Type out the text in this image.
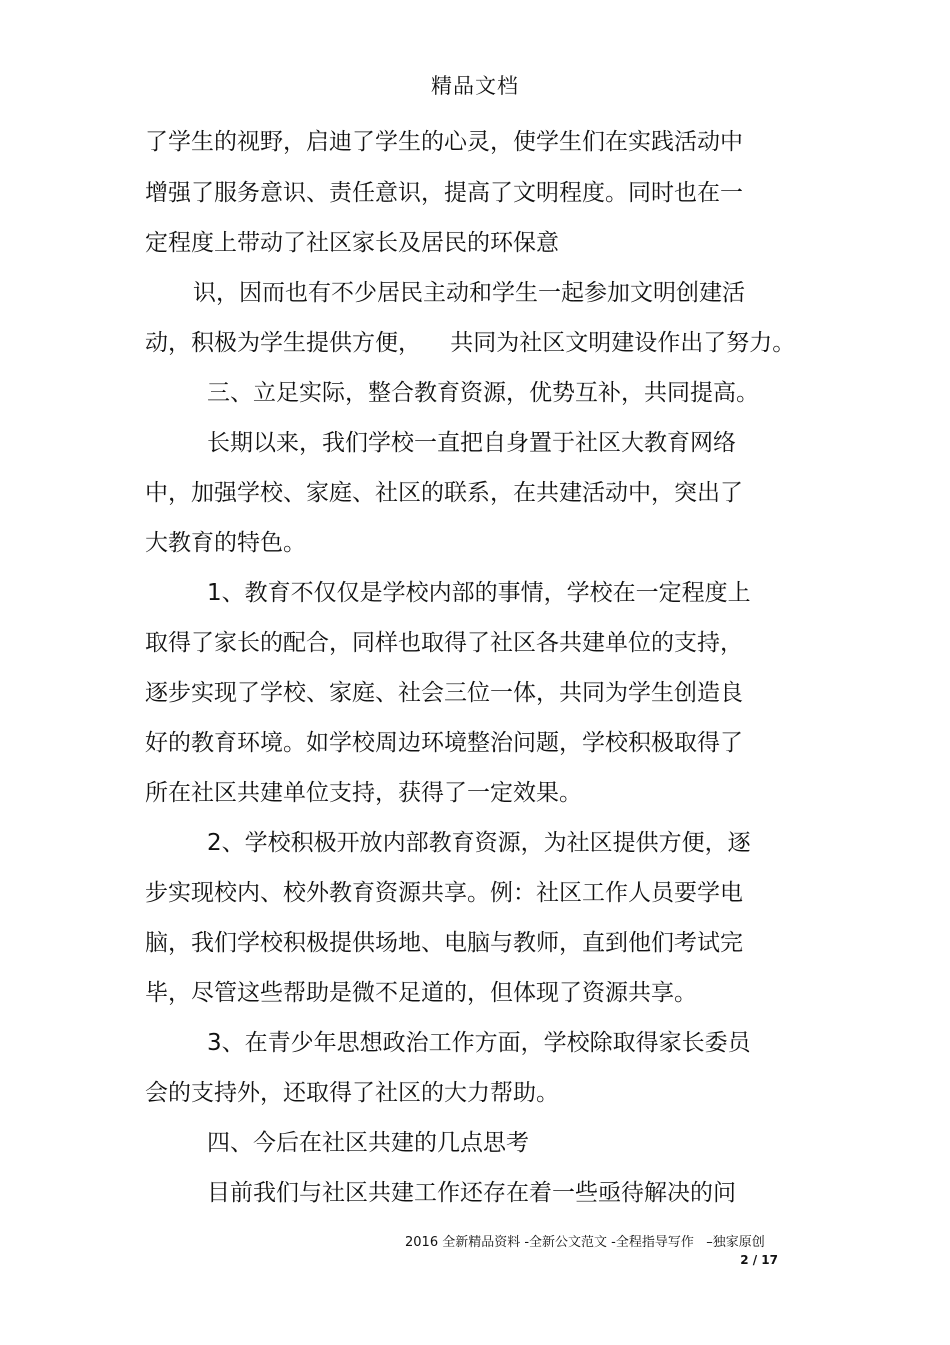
精品文档
了学生的视野，启迪了学生的心灵，使学生们在实践活动中
增强了服务意识、责任意识，提高了文明程度。同时也在一
定程度上带动了社区家长及居民的环保意
识，因而也有不少居民主动和学生一起参加文明创建活
动，积极为学生提供方便，    共同为社区文明建设作出了努力。
三、立足实际，整合教育资源，优势互补，共同提高。
长期以来，我们学校一直把自身置于社区大教育网络
中，加强学校、家庭、社区的联系，在共建活动中，突出了
大教育的特色。
1、教育不仅仅是学校内部的事情，学校在一定程度上
取得了家长的配合，同样也取得了社区各共建单位的支持，
逐步实现了学校、家庭、社会三位一体，共同为学生创造良
好的教育环境。如学校周边环境整治问题，学校积极取得了
所在社区共建单位支持，获得了一定效果。
2、学校积极开放内部教育资源，为社区提供方便，逐
步实现校内、校外教育资源共享。例：社区工作人员要学电
脑，我们学校积极提供场地、电脑与教师，直到他们考试完
毕，尽管这些帮助是微不足道的，但体现了资源共享。
3、在青少年思想政治工作方面，学校除取得家长委员
会的支持外，还取得了社区的大力帮助。
四、今后在社区共建的几点思考
目前我们与社区共建工作还存在着一些亟待解决的问
2016 全新精品资料 -全新公文范文 -全程指导写作   –独家原创
2 / 17
